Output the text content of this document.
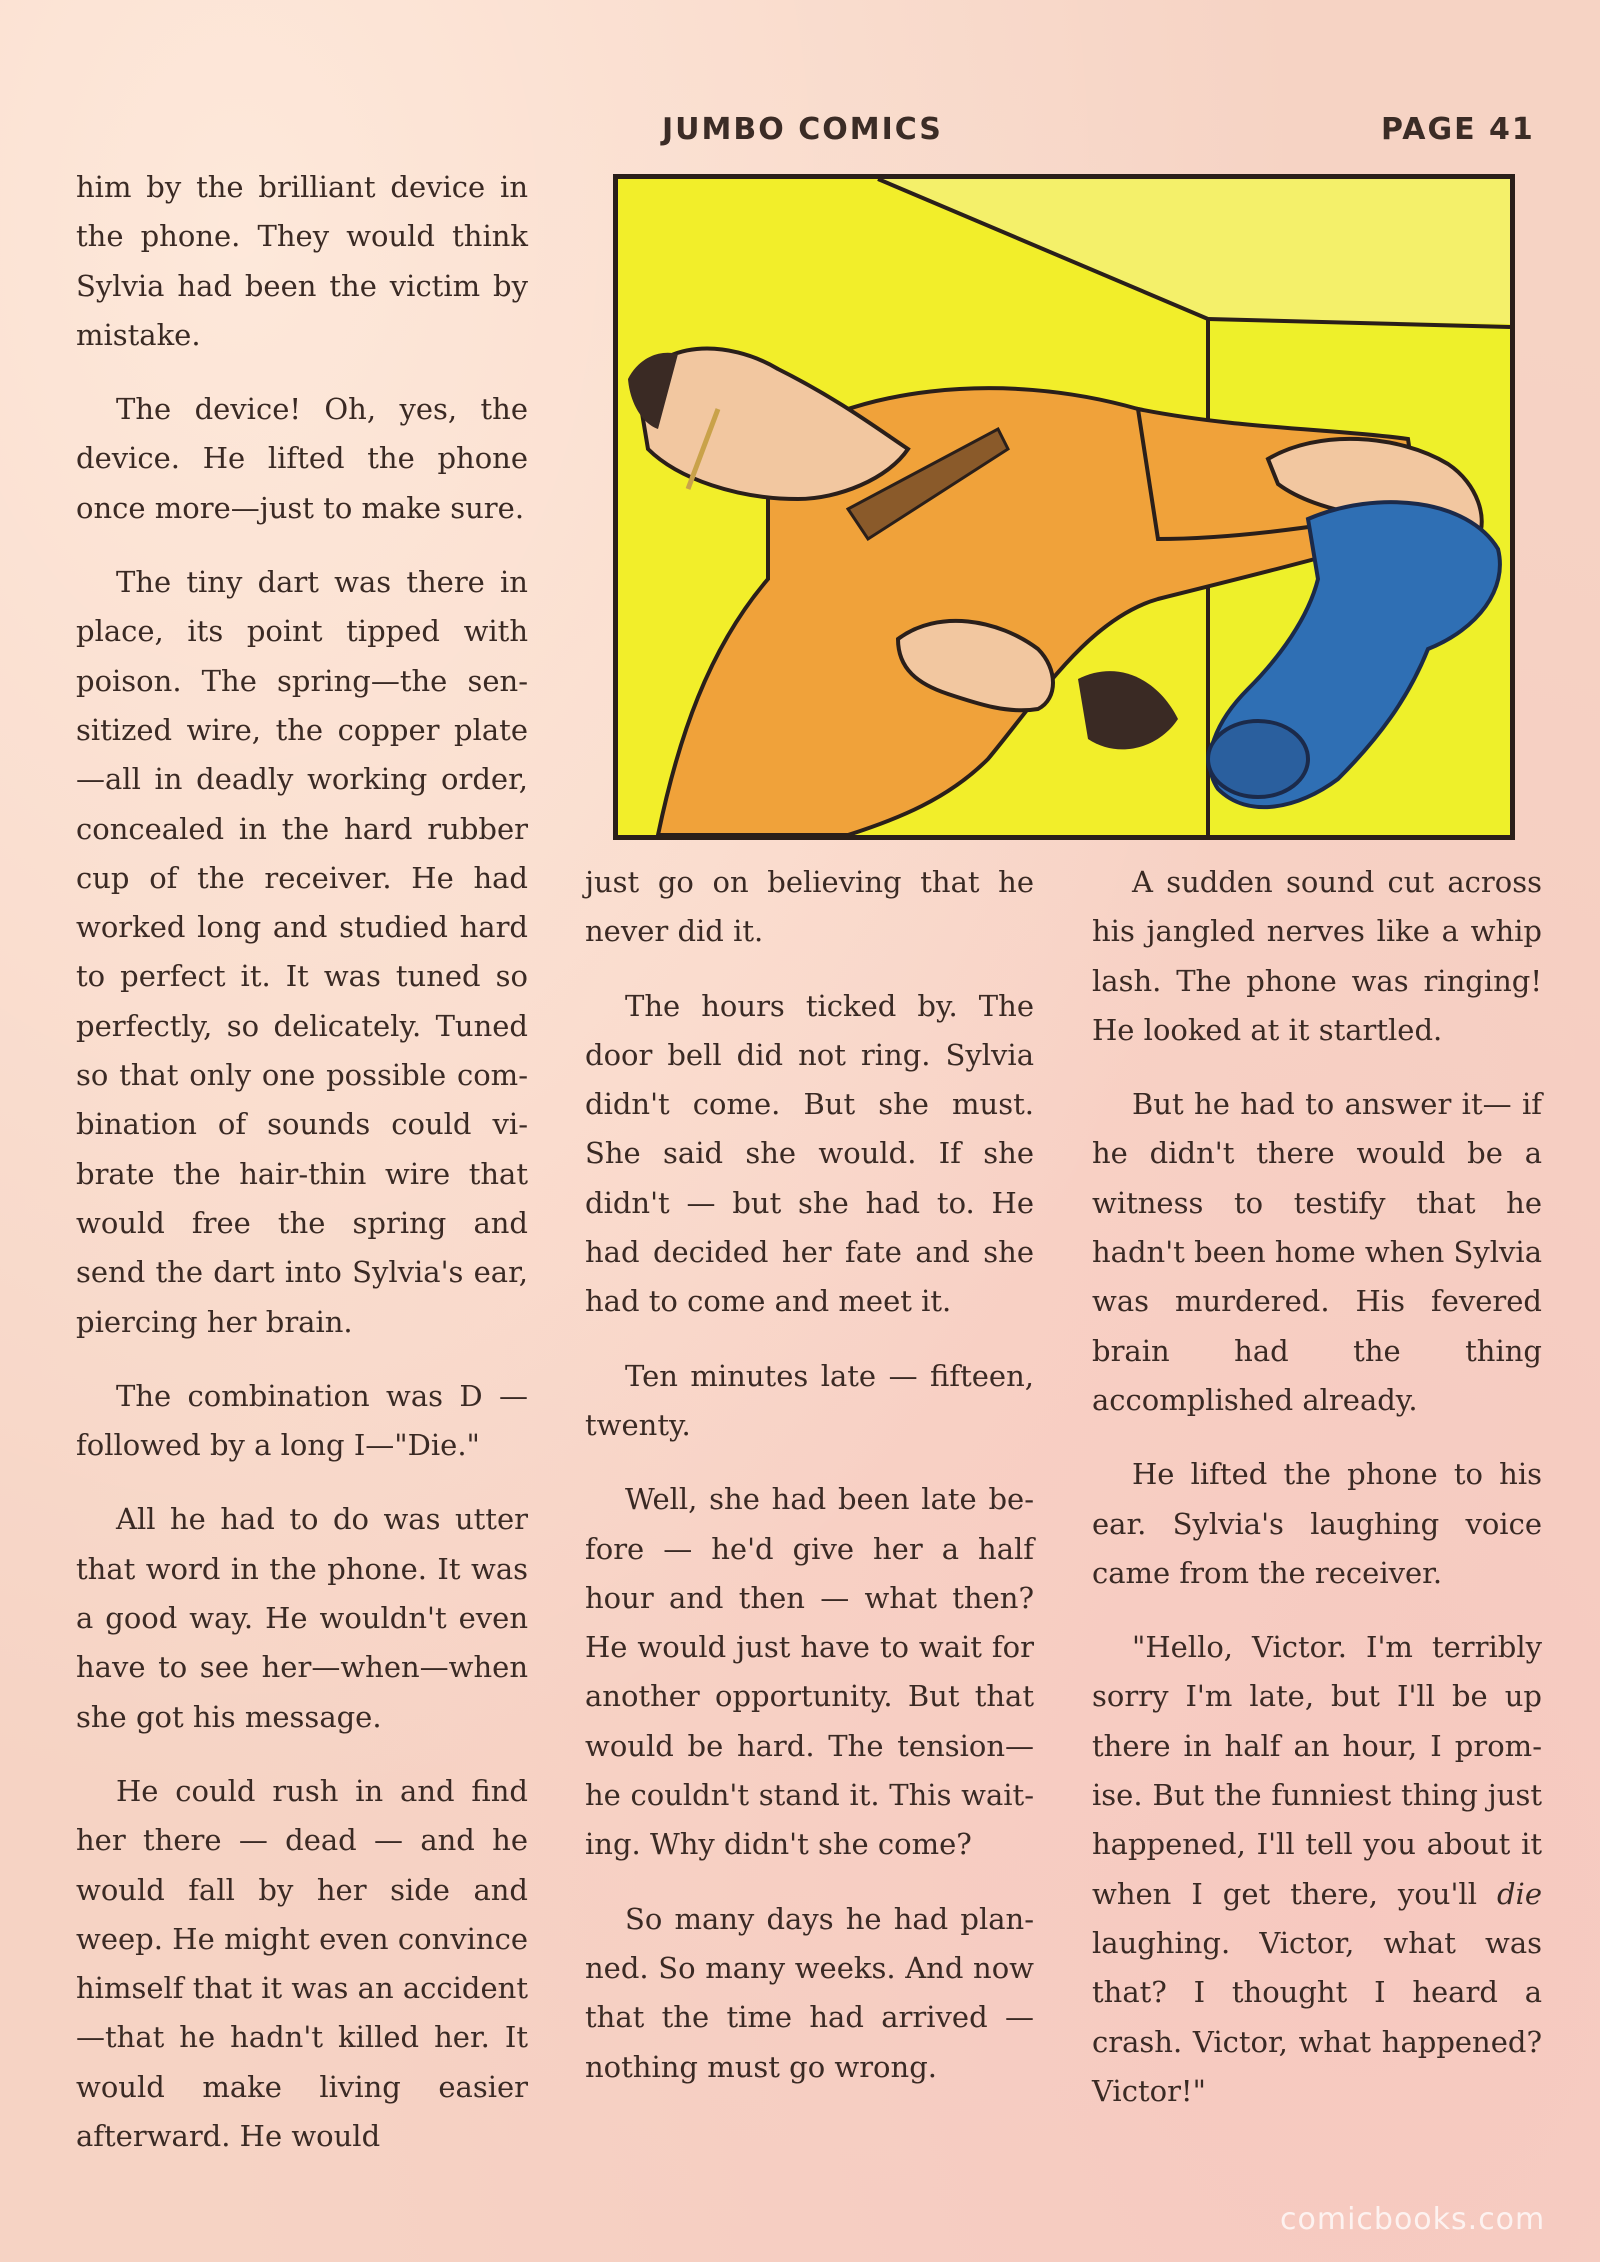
JUMBO COMICS	PAGE 41

him by the brilliant device in the phone. They would think Sylvia had been the victim by mistake.

The device! Oh, yes, the device. He lifted the phone once more—just to make sure.

The tiny dart was there in place, its point tipped with poison. The spring—the sensitized wire, the copper plate —all in deadly working order, concealed in the hard rubber cup of the receiver. He had worked long and studied hard to perfect it. It was tuned so perfectly, so delicately. Tuned so that only one possible combination of sounds could vibrate the hair-thin wire that would free the spring and send the dart into Sylvia's ear, piercing her brain.

The combination was D — followed by a long I—"Die."

All he had to do was utter that word in the phone. It was a good way. He wouldn't even have to see her—when—when she got his message.

He could rush in and find her there — dead — and he would fall by her side and weep. He might even convince himself that it was an accident—that he hadn't killed her. It would make living easier afterward. He would

just go on believing that he never did it.

The hours ticked by. The door bell did not ring. Sylvia didn't come. But she must. She said she would. If she didn't — but she had to. He had decided her fate and she had to come and meet it.

Ten minutes late — fifteen, twenty.

Well, she had been late before — he'd give her a half hour and then — what then? He would just have to wait for another opportunity. But that would be hard. The tension— he couldn't stand it. This waiting. Why didn't she come?

So many days he had planned. So many weeks. And now that the time had arrived —nothing must go wrong.

A sudden sound cut across his jangled nerves like a whip lash. The phone was ringing! He looked at it startled.

But he had to answer it— if he didn't there would be a witness to testify that he hadn't been home when Sylvia was murdered. His fevered brain had the thing accomplished already.

He lifted the phone to his ear. Sylvia's laughing voice came from the receiver.

"Hello, Victor. I'm terribly sorry I'm late, but I'll be up there in half an hour, I promise. But the funniest thing just happened, I'll tell you about it when I get there, you'll die laughing. Victor, what was that? I thought I heard a crash. Victor, what happened? Victor!"

comicbooks.com
